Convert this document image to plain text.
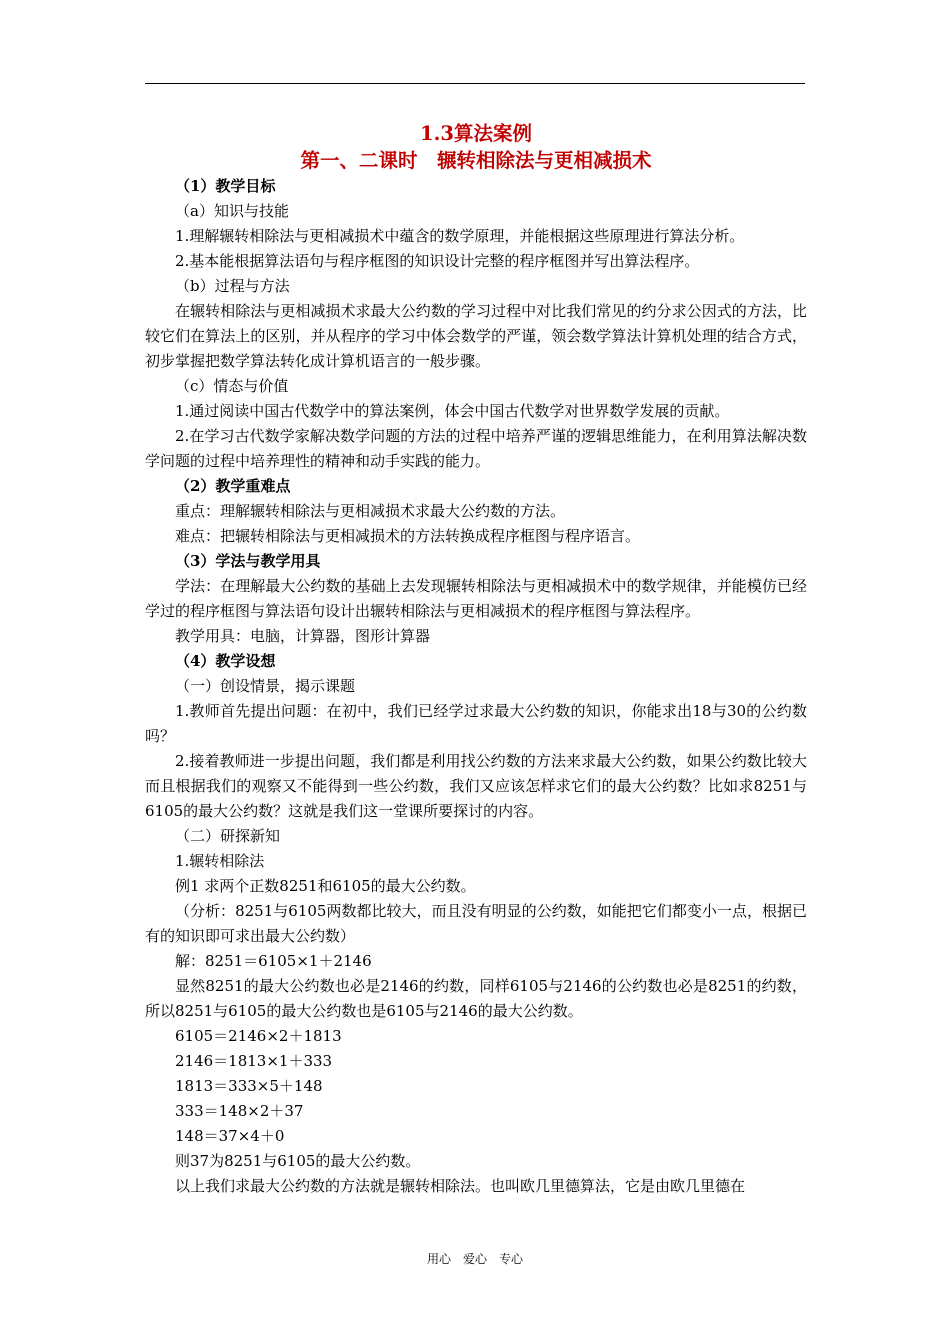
1.3算法案例
第一、二课时　辗转相除法与更相减损术
（1）教学目标
（a）知识与技能
1.理解辗转相除法与更相减损术中蕴含的数学原理，并能根据这些原理进行算法分析。
2.基本能根据算法语句与程序框图的知识设计完整的程序框图并写出算法程序。
（b）过程与方法
在辗转相除法与更相减损术求最大公约数的学习过程中对比我们常见的约分求公因式的方法，比较它们在算法上的区别，并从程序的学习中体会数学的严谨，领会数学算法计算机处理的结合方式，初步掌握把数学算法转化成计算机语言的一般步骤。
（c）情态与价值
1.通过阅读中国古代数学中的算法案例，体会中国古代数学对世界数学发展的贡献。
2.在学习古代数学家解决数学问题的方法的过程中培养严谨的逻辑思维能力，在利用算法解决数学问题的过程中培养理性的精神和动手实践的能力。
（2）教学重难点
重点：理解辗转相除法与更相减损术求最大公约数的方法。
难点：把辗转相除法与更相减损术的方法转换成程序框图与程序语言。
（3）学法与教学用具
学法：在理解最大公约数的基础上去发现辗转相除法与更相减损术中的数学规律，并能模仿已经学过的程序框图与算法语句设计出辗转相除法与更相减损术的程序框图与算法程序。
教学用具：电脑，计算器，图形计算器
（4）教学设想
（一）创设情景，揭示课题
1.教师首先提出问题：在初中，我们已经学过求最大公约数的知识，你能求出18与30的公约数吗？
2.接着教师进一步提出问题，我们都是利用找公约数的方法来求最大公约数，如果公约数比较大而且根据我们的观察又不能得到一些公约数，我们又应该怎样求它们的最大公约数？比如求8251与6105的最大公约数？这就是我们这一堂课所要探讨的内容。
（二）研探新知
1.辗转相除法
例1 求两个正数8251和6105的最大公约数。
（分析：8251与6105两数都比较大，而且没有明显的公约数，如能把它们都变小一点，根据已有的知识即可求出最大公约数）
解：8251＝6105×1＋2146
显然8251的最大公约数也必是2146的约数，同样6105与2146的公约数也必是8251的约数，所以8251与6105的最大公约数也是6105与2146的最大公约数。
6105＝2146×2＋1813
2146＝1813×1＋333
1813＝333×5＋148
333＝148×2＋37
148＝37×4＋0
则37为8251与6105的最大公约数。
以上我们求最大公约数的方法就是辗转相除法。也叫欧几里德算法，它是由欧几里德在
用心　爱心　专心
